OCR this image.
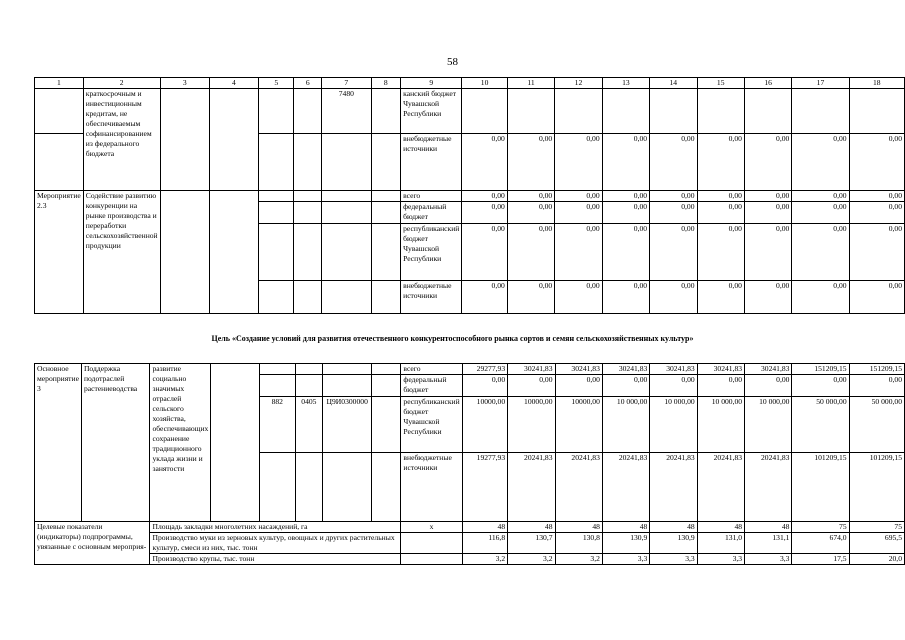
58
1	2	3	4	5	6	7	8	9	10	11	12	13	14	15	16	17	18
	краткосрочным и инвестиционным кредитам, не обеспечиваемым софинансированием из федерального бюджета					7480		канский бюджет Чувашской Республики									
								внебюджетные источники	0,00	0,00	0,00	0,00	0,00	0,00	0,00	0,00	0,00
Мероприятие 2.3	Содействие развитию конкуренции на рынке производства и переработки сельскохозяйственной продукции							всего	0,00	0,00	0,00	0,00	0,00	0,00	0,00	0,00	0,00
								федеральный бюджет	0,00	0,00	0,00	0,00	0,00	0,00	0,00	0,00	0,00
								республиканский бюджет Чувашской Республики	0,00	0,00	0,00	0,00	0,00	0,00	0,00	0,00	0,00
								внебюджетные источники	0,00	0,00	0,00	0,00	0,00	0,00	0,00	0,00	0,00
Цель «Создание условий для развития отечественного конкурентоспособного рынка сортов и семян сельскохозяйственных культур»
Основное мероприятие 3	Поддержка подотраслей растениеводства	развитие социально значимых отраслей сельского хозяйства, обеспечивающих сохранение традиционного уклада жизни и занятости						всего	29277,93	30241,83	30241,83	30241,83	30241,83	30241,83	30241,83	151209,15	151209,15
								федеральный бюджет	0,00	0,00	0,00	0,00	0,00	0,00	0,00	0,00	0,00
				882	0405	Ц9И0300000		республиканский бюджет Чувашской Республики	10000,00	10000,00	10000,00	10 000,00	10 000,00	10 000,00	10 000,00	50 000,00	50 000,00
								внебюджетные источники	19277,93	20241,83	20241,83	20241,83	20241,83	20241,83	20241,83	101209,15	101209,15
Целевые показатели (индикаторы) подпрограммы, увязанные с основным мероприя-		Площадь закладки многолетних насаждений, га						х	48	48	48	48	48	48	48	75	75
		Производство муки из зерновых культур, овощных и других растительных культур, смеси из них, тыс. тонн							116,8	130,7	130,8	130,9	130,9	131,0	131,1	674,0	695,5
		Производство крупы, тыс. тонн							3,2	3,2	3,2	3,3	3,3	3,3	3,3	17,5	20,0
